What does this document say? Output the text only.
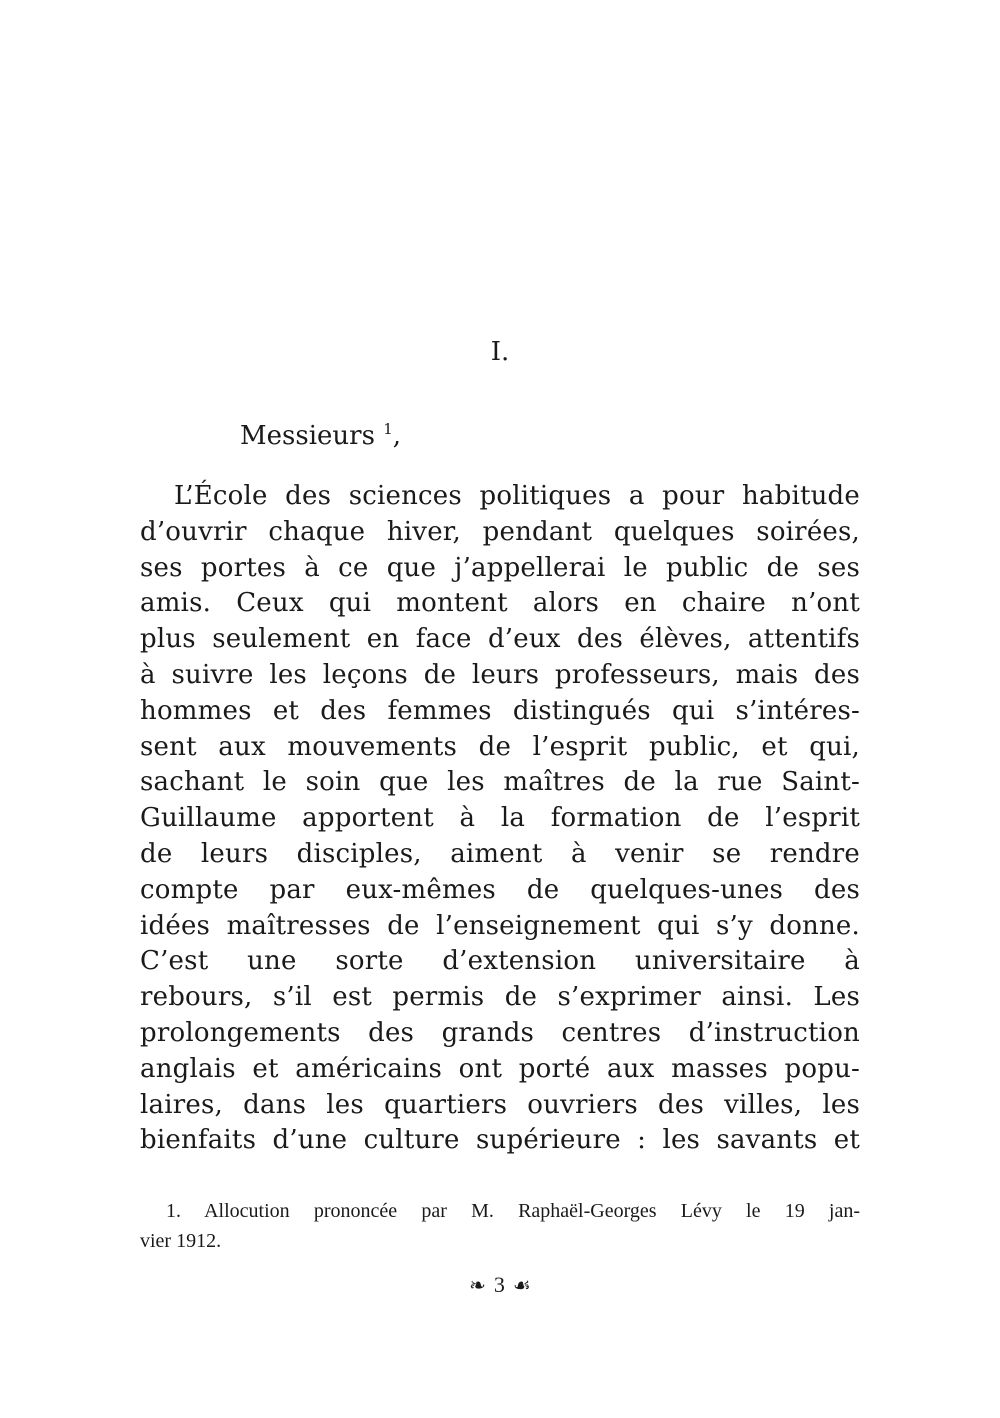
I.
Messieurs $^1$,
L’École des sciences politiques a pour habitude
d’ouvrir chaque hiver, pendant quelques soirées,
ses portes à ce que j’appellerai le public de ses
amis. Ceux qui montent alors en chaire n’ont
plus seulement en face d’eux des élèves, attentifs
à suivre les leçons de leurs professeurs, mais des
hommes et des femmes distingués qui s’intéres-
sent aux mouvements de l’esprit public, et qui,
sachant le soin que les maîtres de la rue Saint-
Guillaume apportent à la formation de l’esprit
de leurs disciples, aiment à venir se rendre
compte par eux-mêmes de quelques-unes des
idées maîtresses de l’enseignement qui s’y donne.
C’est une sorte d’extension universitaire à
rebours, s’il est permis de s’exprimer ainsi. Les
prolongements des grands centres d’instruction
anglais et américains ont porté aux masses popu-
laires, dans les quartiers ouvriers des villes, les
bienfaits d’une culture supérieure : les savants et
1. Allocution prononcée par M. Raphaël-Georges Lévy le 19 jan-
vier 1912.
❧ 3 ☙
